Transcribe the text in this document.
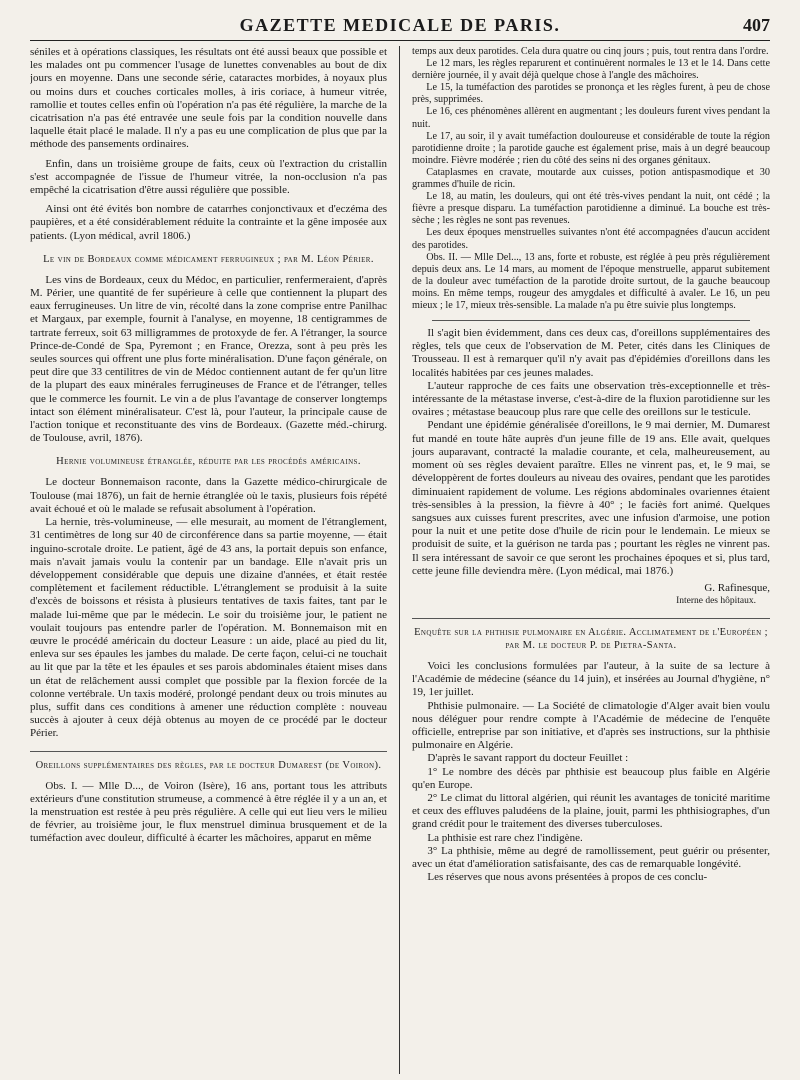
GAZETTE MEDICALE DE PARIS.	407

séniles et à opérations classiques, les résultats ont été aussi beaux que possible et les malades ont pu commencer l'usage de lunettes convenables au bout de dix jours en moyenne. Dans une seconde série, cataractes morbides, à noyaux plus ou moins durs et couches corticales molles, à iris coriace, à humeur vitrée, ramollie et toutes celles enfin où l'opération n'a pas été régulière, la marche de la cicatrisation n'a pas été entravée une seule fois par la condition nouvelle dans laquelle était placé le malade. Il n'y a pas eu une complication de plus que par la méthode des pansements ordinaires.

Enfin, dans un troisième groupe de faits, ceux où l'extraction du cristallin s'est accompagnée de l'issue de l'humeur vitrée, la non-occlusion n'a pas empêché la cicatrisation d'être aussi régulière que possible.

Ainsi ont été évités bon nombre de catarrhes conjonctivaux et d'eczéma des paupières, et a été considérablement réduite la contrainte et la gêne imposée aux patients. (Lyon médical, avril 1806.)

Le vin de Bordeaux comme médicament ferrugineux ; par M. Léon Périer.

Les vins de Bordeaux, ceux du Médoc, en particulier, renfermeraient, d'après M. Périer, une quantité de fer supérieure à celle que contiennent la plupart des eaux ferrugineuses. Un litre de vin, récolté dans la zone comprise entre Panilhac et Margaux, par exemple, fournit à l'analyse, en moyenne, 18 centigrammes de tartrate ferreux, soit 63 milligrammes de protoxyde de fer. A l'étranger, la source Prince-de-Condé de Spa, Pyremont ; en France, Orezza, sont à peu près les seules sources qui offrent une plus forte minéralisation. D'une façon générale, on peut dire que 33 centilitres de vin de Médoc contiennent autant de fer qu'un litre de la plupart des eaux minérales ferrugineuses de France et de l'étranger, telles que le commerce les fournit. Le vin a de plus l'avantage de conserver longtemps intact son élément minéralisateur. C'est là, pour l'auteur, la principale cause de l'action tonique et reconstituante des vins de Bordeaux. (Gazette méd.-chirurg. de Toulouse, avril, 1876).

Hernie volumineuse étranglée, réduite par les procédés américains.

Le docteur Bonnemaison raconte, dans la Gazette médico-chirurgicale de Toulouse (mai 1876), un fait de hernie étranglée où le taxis, plusieurs fois répété avait échoué et où le malade se refusait absolument à l'opération.

La hernie, très-volumineuse, — elle mesurait, au moment de l'étranglement, 31 centimètres de long sur 40 de circonférence dans sa partie moyenne, — était inguino-scrotale droite. Le patient, âgé de 43 ans, la portait depuis son enfance, mais n'avait jamais voulu la contenir par un bandage. Elle n'avait pris un développement considérable que depuis une dizaine d'années, et était restée complètement et facilement réductible. L'étranglement se produisit à la suite d'excès de boissons et résista à plusieurs tentatives de taxis faites, tant par le malade lui-même que par le médecin. Le soir du troisième jour, le patient ne voulait toujours pas entendre parler de l'opération. M. Bonnemaison mit en œuvre le procédé américain du docteur Leasure : un aide, placé au pied du lit, enleva sur ses épaules les jambes du malade. De certe façon, celui-ci ne touchait au lit que par la tête et les épaules et ses parois abdominales étaient mises dans un état de relâchement aussi complet que possible par la flexion forcée de la colonne vertébrale. Un taxis modéré, prolongé pendant deux ou trois minutes au plus, suffit dans ces conditions à amener une réduction complète : nouveau succès à ajouter à ceux déjà obtenus au moyen de ce procédé par le docteur Périer.

Oreillons supplémentaires des règles, par le docteur Dumarest (de Voiron).

Obs. I. — Mlle D..., de Voiron (Isère), 16 ans, portant tous les attributs extérieurs d'une constitution strumeuse, a commencé à être réglée il y a un an, et la menstruation est restée à peu près régulière. A celle qui eut lieu vers le milieu de février, au troisième jour, le flux menstruel diminua brusquement et de la tuméfaction avec douleur, difficulté à écarter les mâchoires, apparut en même

temps aux deux parotides. Cela dura quatre ou cinq jours ; puis, tout rentra dans l'ordre.

Le 12 mars, les règles reparurent et continuèrent normales le 13 et le 14. Dans cette dernière journée, il y avait déjà quelque chose à l'angle des mâchoires.

Le 15, la tuméfaction des parotides se prononça et les règles furent, à peu de chose près, supprimées.

Le 16, ces phénomènes allèrent en augmentant ; les douleurs furent vives pendant la nuit.

Le 17, au soir, il y avait tuméfaction douloureuse et considérable de toute la région parotidienne droite ; la parotide gauche est également prise, mais à un degré beaucoup moindre. Fièvre modérée ; rien du côté des seins ni des organes génitaux.

Cataplasmes en cravate, moutarde aux cuisses, potion antispasmodique et 30 grammes d'huile de ricin.

Le 18, au matin, les douleurs, qui ont été très-vives pendant la nuit, ont cédé ; la fièvre a presque disparu. La tuméfaction parotidienne a diminué. La bouche est très-sèche ; les règles ne sont pas revenues.

Les deux époques menstruelles suivantes n'ont été accompagnées d'aucun accident des parotides.

Obs. II. — Mlle Del..., 13 ans, forte et robuste, est réglée à peu près régulièrement depuis deux ans. Le 14 mars, au moment de l'époque menstruelle, apparut subitement de la douleur avec tuméfaction de la parotide droite surtout, de la gauche beaucoup moins. En même temps, rougeur des amygdales et difficulté à avaler. Le 16, un peu mieux ; le 17, mieux très-sensible. La malade n'a pu être suivie plus longtemps.

Il s'agit bien évidemment, dans ces deux cas, d'oreillons supplémentaires des règles, tels que ceux de l'observation de M. Peter, cités dans les Cliniques de Trousseau. Il est à remarquer qu'il n'y avait pas d'épidémies d'oreillons dans les localités habitées par ces jeunes malades.

L'auteur rapproche de ces faits une observation très-exceptionnelle et très-intéressante de la métastase inverse, c'est-à-dire de la fluxion parotidienne sur les ovaires ; métastase beaucoup plus rare que celle des oreillons sur le testicule.

Pendant une épidémie généralisée d'oreillons, le 9 mai dernier, M. Dumarest fut mandé en toute hâte auprès d'un jeune fille de 19 ans. Elle avait, quelques jours auparavant, contracté la maladie courante, et cela, malheureusement, au moment où ses règles devaient paraître. Elles ne vinrent pas, et, le 9 mai, se développèrent de fortes douleurs au niveau des ovaires, pendant que les parotides diminuaient rapidement de volume. Les régions abdominales ovariennes étaient très-sensibles à la pression, la fièvre à 40° ; le faciès fort animé. Quelques sangsues aux cuisses furent prescrites, avec une infusion d'armoise, une potion pour la nuit et une petite dose d'huile de ricin pour le lendemain. Le mieux se produisit de suite, et la guérison ne tarda pas ; pourtant les règles ne vinrent pas. Il sera intéressant de savoir ce que seront les prochaines époques et si, plus tard, cette jeune fille deviendra mère. (Lyon médical, mai 1876.)

G. Rafinesque,
Interne des hôpitaux.
Enquête sur la phthisie pulmonaire en Algérie. Acclimatement de l'Européen ; par M. le docteur P. de Pietra-Santa.

Voici les conclusions formulées par l'auteur, à la suite de sa lecture à l'Académie de médecine (séance du 14 juin), et insérées au Journal d'hygiène, n° 19, 1er juillet.

Phthisie pulmonaire. — La Société de climatologie d'Alger avait bien voulu nous déléguer pour rendre compte à l'Académie de médecine de l'enquête officielle, entreprise par son initiative, et d'après ses instructions, sur la phthisie pulmonaire en Algérie.

D'après le savant rapport du docteur Feuillet :

1° Le nombre des décès par phthisie est beaucoup plus faible en Algérie qu'en Europe.

2° Le climat du littoral algérien, qui réunit les avantages de tonicité maritime et ceux des effluves paludéens de la plaine, jouit, parmi les phthisiographes, d'un grand crédit pour le traitement des diverses tuberculoses.

La phthisie est rare chez l'indigène.

3° La phthisie, même au degré de ramollissement, peut guérir ou présenter, avec un état d'amélioration satisfaisante, des cas de remarquable longévité.

Les réserves que nous avons présentées à propos de ces conclu-
